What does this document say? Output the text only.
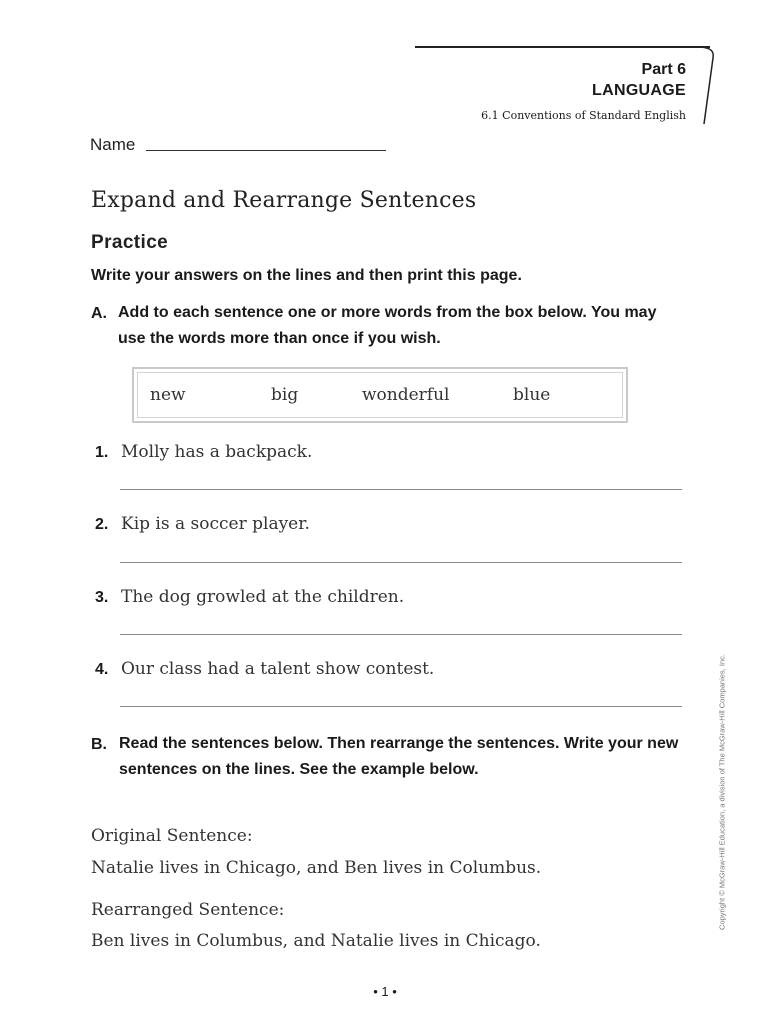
Part 6
LANGUAGE
6.1 Conventions of Standard English
Name
Expand and Rearrange Sentences
Practice
Write your answers on the lines and then print this page.
A. Add to each sentence one or more words from the box below. You may use the words more than once if you wish.
new	big	wonderful	blue
1. Molly has a backpack.
2. Kip is a soccer player.
3. The dog growled at the children.
4. Our class had a talent show contest.
B. Read the sentences below. Then rearrange the sentences. Write your new sentences on the lines. See the example below.
Original Sentence:
Natalie lives in Chicago, and Ben lives in Columbus.
Rearranged Sentence:
Ben lives in Columbus, and Natalie lives in Chicago.
• 1 •
Copyright © McGraw-Hill Education, a division of The McGraw-Hill Companies, Inc.
